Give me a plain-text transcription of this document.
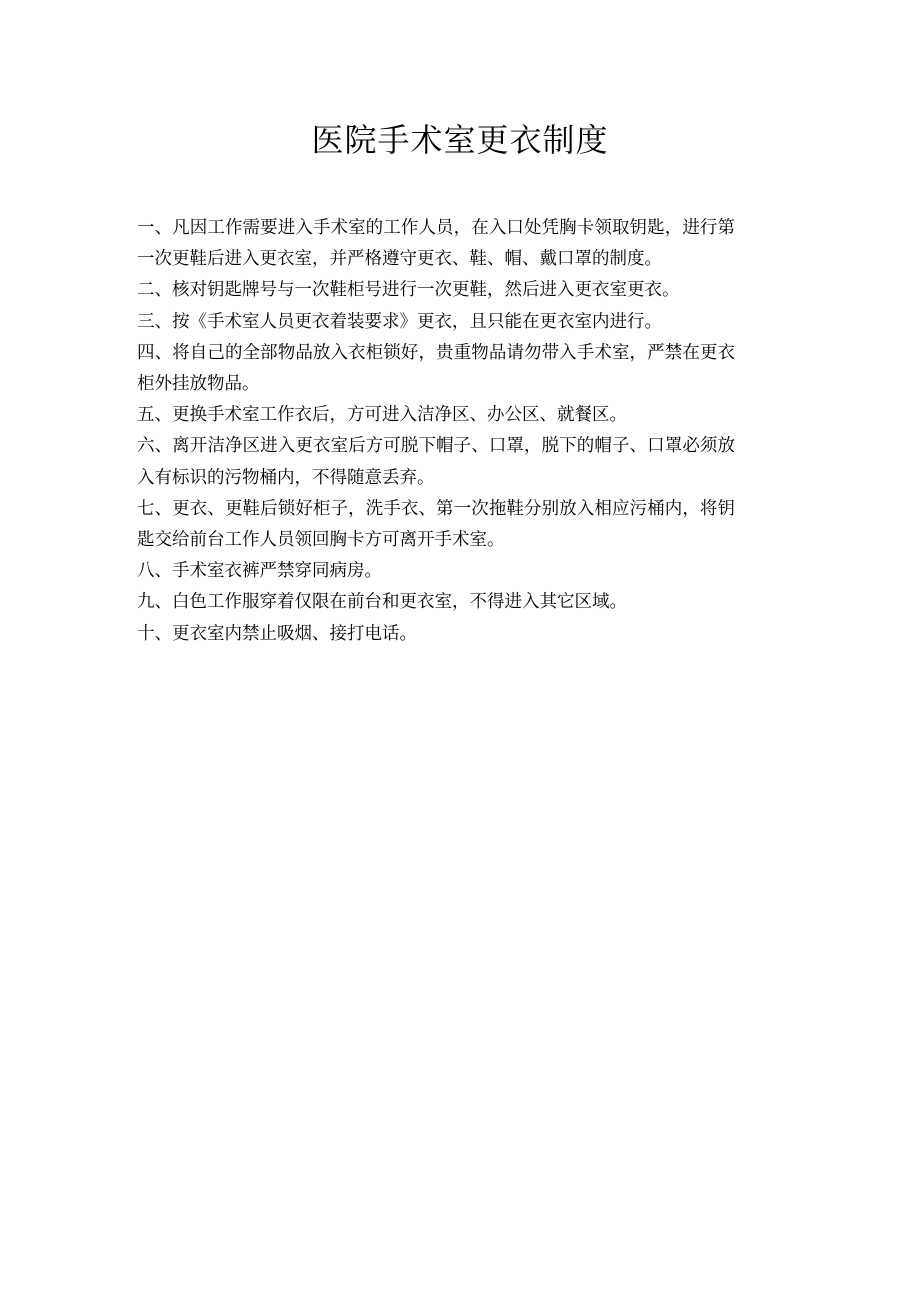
医院手术室更衣制度
一、凡因工作需要进入手术室的工作人员，在入口处凭胸卡领取钥匙，进行第一次更鞋后进入更衣室，并严格遵守更衣、鞋、帽、戴口罩的制度。
二、核对钥匙牌号与一次鞋柜号进行一次更鞋，然后进入更衣室更衣。
三、按《手术室人员更衣着装要求》更衣，且只能在更衣室内进行。
四、将自己的全部物品放入衣柜锁好，贵重物品请勿带入手术室，严禁在更衣柜外挂放物品。
五、更换手术室工作衣后，方可进入洁净区、办公区、就餐区。
六、离开洁净区进入更衣室后方可脱下帽子、口罩，脱下的帽子、口罩必须放入有标识的污物桶内，不得随意丢弃。
七、更衣、更鞋后锁好柜子，洗手衣、第一次拖鞋分别放入相应污桶内，将钥匙交给前台工作人员领回胸卡方可离开手术室。
八、手术室衣裤严禁穿同病房。
九、白色工作服穿着仅限在前台和更衣室，不得进入其它区域。
十、更衣室内禁止吸烟、接打电话。
